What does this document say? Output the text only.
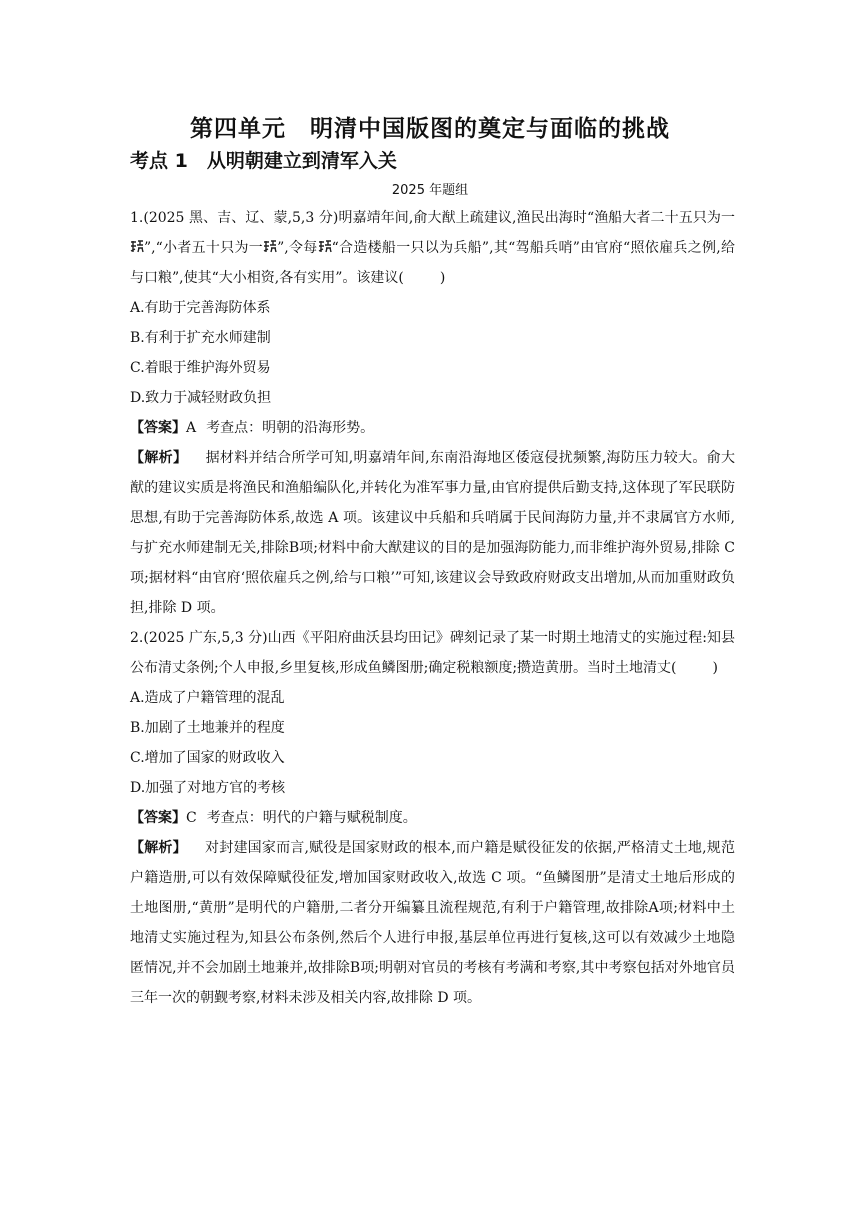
第四单元　明清中国版图的奠定与面临的挑战
考点 1　从明朝建立到清军入关
2025 年题组

1.(2025 黑、吉、辽、蒙,5,3 分)明嘉靖年间,俞大猷上疏建议,渔民出海时“渔船大者二十五只为一
”,“小者五十只为一 ”,令每 “合造楼船一只以为兵船”,其“驾船兵哨”由官府“照依雇兵之例,给与口粮”,使其“大小相资,各有实用”。该建议(	)

A.有助于完善海防体系

B.有利于扩充水师建制

C.着眼于维护海外贸易

D.致力于减轻财政负担

【答案】A 考查点：明朝的沿海形势。

【解析】 据材料并结合所学可知,明嘉靖年间,东南沿海地区倭寇侵扰频繁,海防压力较大。俞大猷的建议实质是将渔民和渔船编队化,并转化为准军事力量,由官府提供后勤支持,这体现了军民联防思想,有助于完善海防体系,故选 A 项。该建议中兵船和兵哨属于民间海防力量,并不隶属官方水师,与扩充水师建制无关,排除B项;材料中俞大猷建议的目的是加强海防能力,而非维护海外贸易,排除 C 项;据材料“由官府‘照依雇兵之例,给与口粮’”可知,该建议会导致政府财政支出增加,从而加重财政负担,排除 D 项。

2.(2025 广东,5,3 分)山西《平阳府曲沃县均田记》碑刻记录了某一时期土地清丈的实施过程:知县公布清丈条例;个人申报,乡里复核,形成鱼鳞图册;确定税粮额度;攒造黄册。当时土地清丈(	)

A.造成了户籍管理的混乱

B.加剧了土地兼并的程度

C.增加了国家的财政收入

D.加强了对地方官的考核

【答案】C 考查点：明代的户籍与赋税制度。

【解析】 对封建国家而言,赋役是国家财政的根本,而户籍是赋役征发的依据,严格清丈土地,规范户籍造册,可以有效保障赋役征发,增加国家财政收入,故选 C 项。“鱼鳞图册”是清丈土地后形成的土地图册,“黄册”是明代的户籍册,二者分开编纂且流程规范,有利于户籍管理,故排除A项;材料中土地清丈实施过程为,知县公布条例,然后个人进行申报,基层单位再进行复核,这可以有效减少土地隐匿情况,并不会加剧土地兼并,故排除B项;明朝对官员的考核有考满和考察,其中考察包括对外地官员三年一次的朝觐考察,材料未涉及相关内容,故排除 D 项。
